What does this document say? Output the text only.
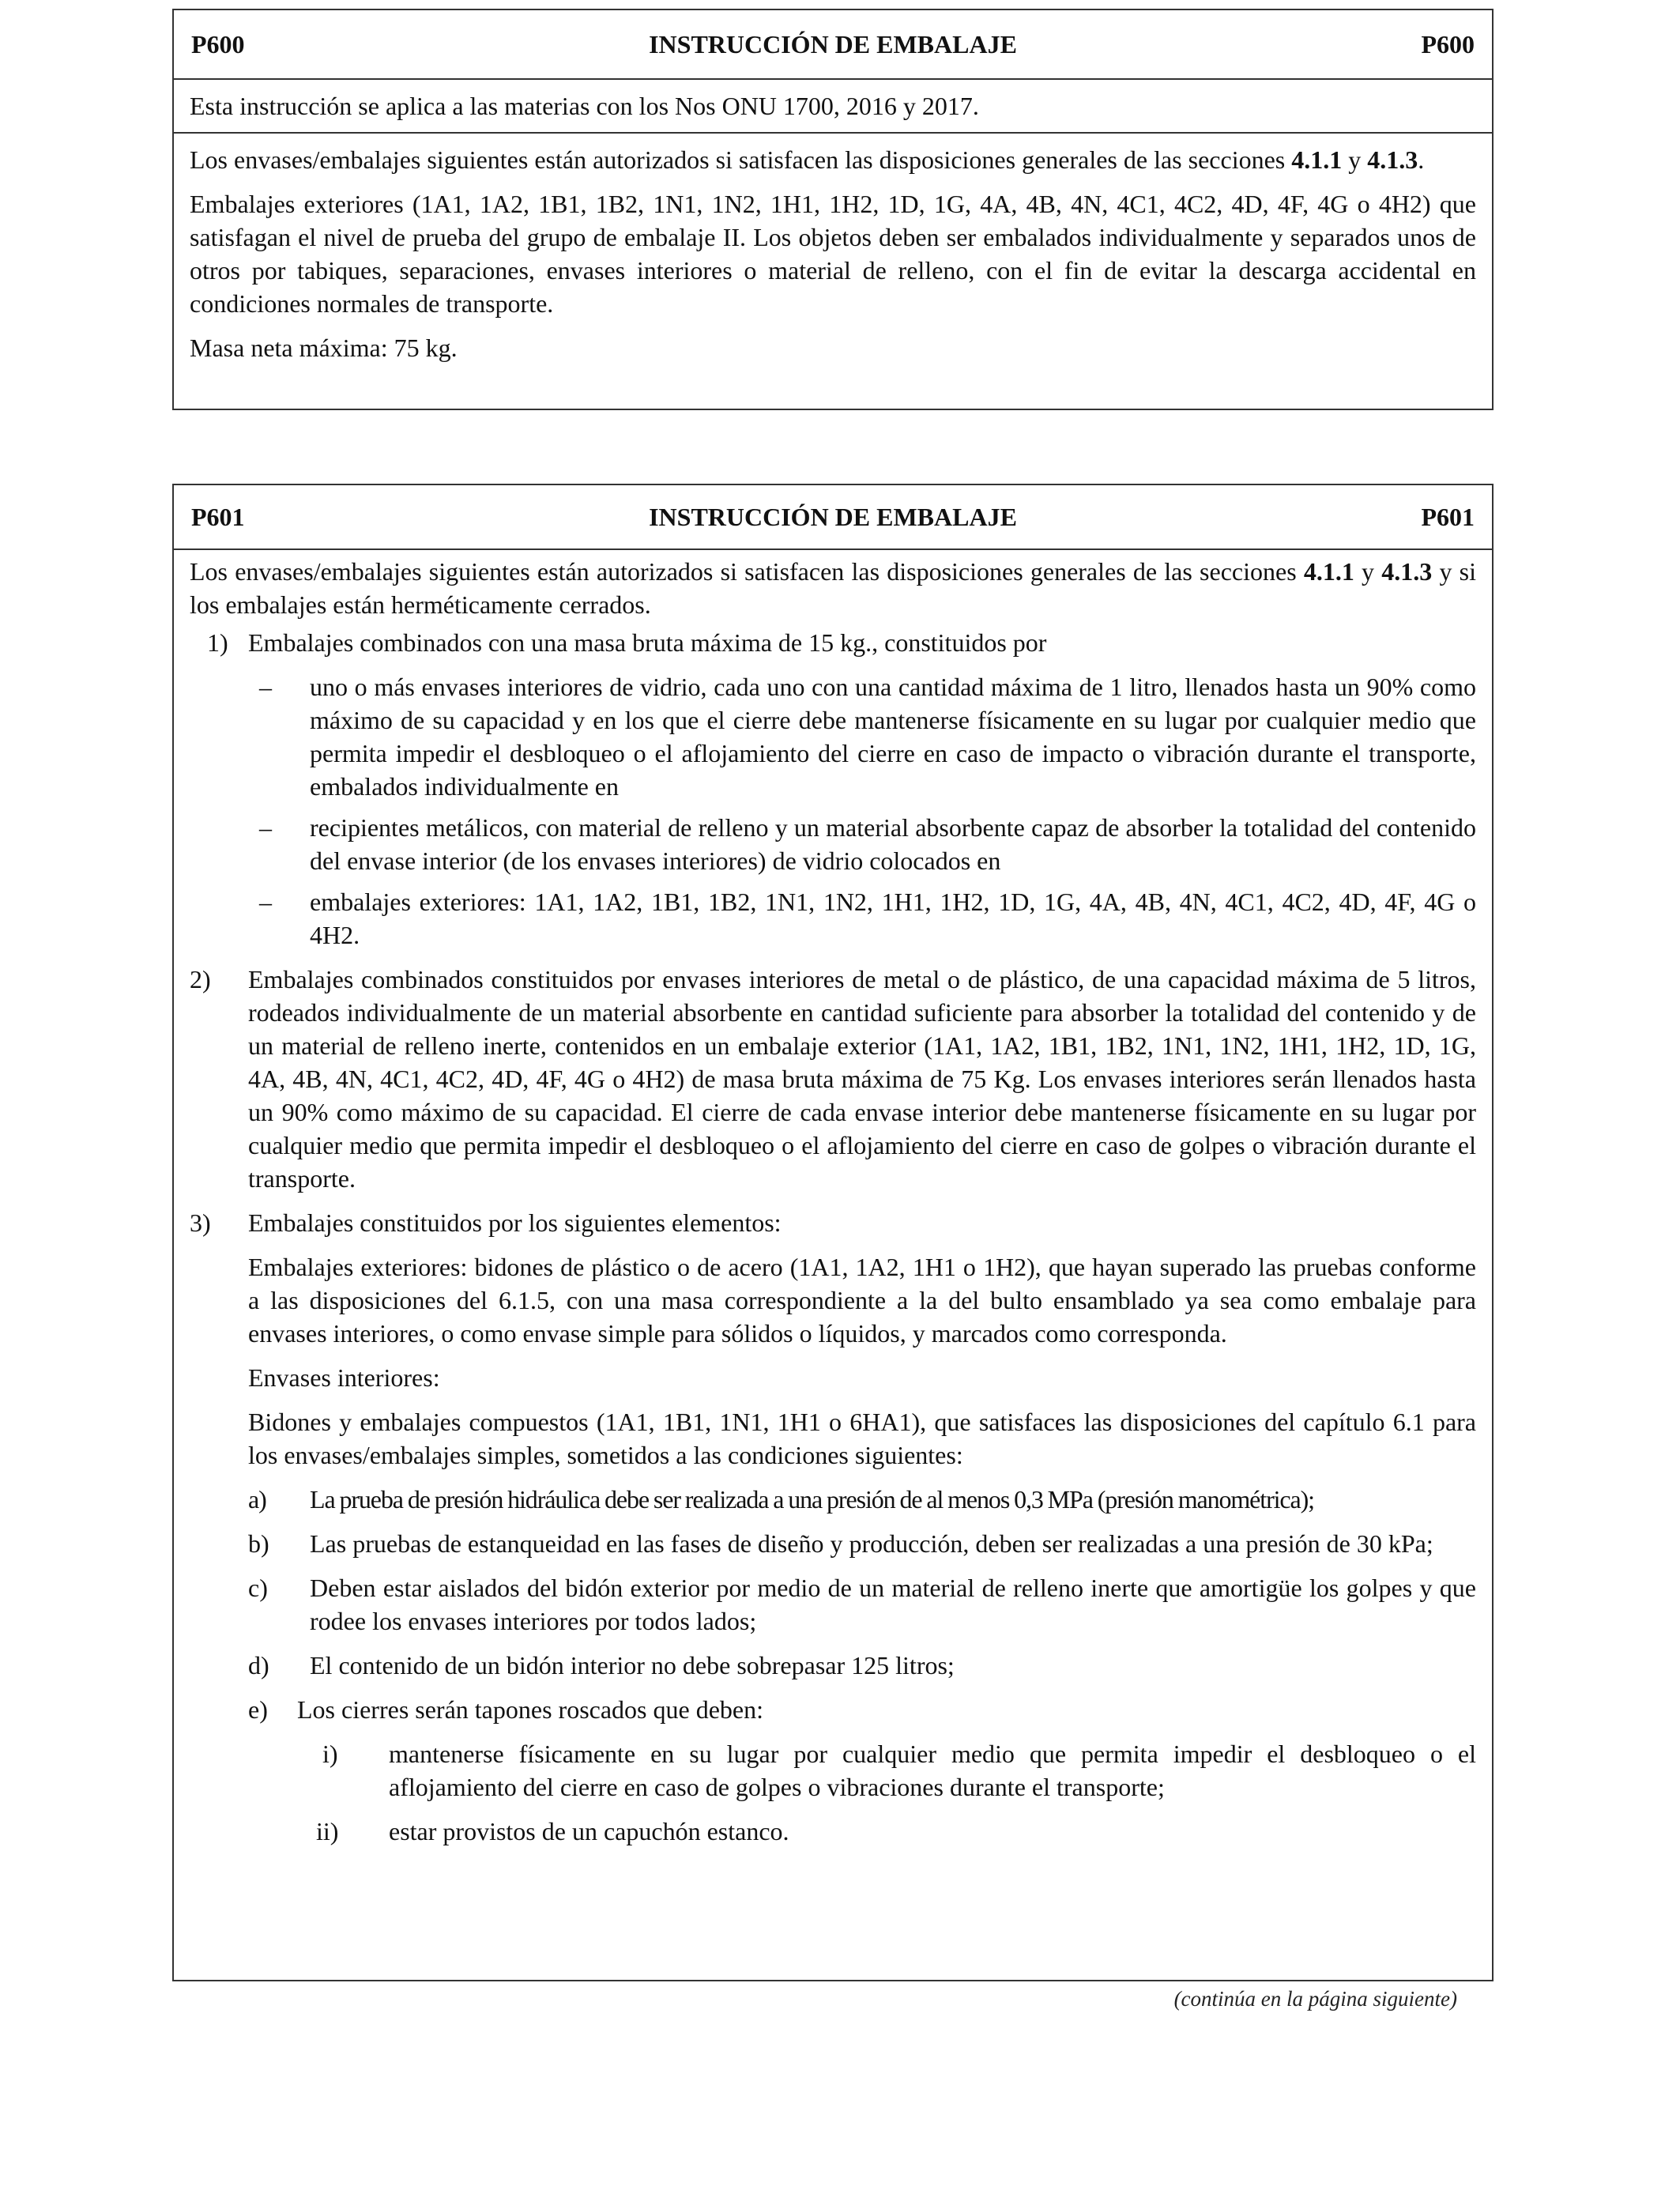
P600	INSTRUCCIÓN DE EMBALAJE	P600
Esta instrucción se aplica a las materias con los Nos ONU 1700, 2016 y 2017.

Los envases/embalajes siguientes están autorizados si satisfacen las disposiciones generales de las secciones 4.1.1 y 4.1.3.

Embalajes exteriores (1A1, 1A2, 1B1, 1B2, 1N1, 1N2, 1H1, 1H2, 1D, 1G, 4A, 4B, 4N, 4C1, 4C2, 4D, 4F, 4G o 4H2) que satisfagan el nivel de prueba del grupo de embalaje II. Los objetos deben ser embalados individualmente y separados unos de otros por tabiques, separaciones, envases interiores o material de relleno, con el fin de evitar la descarga accidental en condiciones normales de transporte.

Masa neta máxima: 75 kg.

P601	INSTRUCCIÓN DE EMBALAJE	P601

Los envases/embalajes siguientes están autorizados si satisfacen las disposiciones generales de las secciones 4.1.1 y 4.1.3 y si los embalajes están herméticamente cerrados.

1) Embalajes combinados con una masa bruta máxima de 15 kg., constituidos por
– uno o más envases interiores de vidrio, cada uno con una cantidad máxima de 1 litro, llenados hasta un 90% como máximo de su capacidad y en los que el cierre debe mantenerse físicamente en su lugar por cualquier medio que permita impedir el desbloqueo o el aflojamiento del cierre en caso de impacto o vibración durante el transporte, embalados individualmente en
– recipientes metálicos, con material de relleno y un material absorbente capaz de absorber la totalidad del contenido del envase interior (de los envases interiores) de vidrio colocados en
– embalajes exteriores: 1A1, 1A2, 1B1, 1B2, 1N1, 1N2, 1H1, 1H2, 1D, 1G, 4A, 4B, 4N, 4C1, 4C2, 4D, 4F, 4G o 4H2.
2) Embalajes combinados constituidos por envases interiores de metal o de plástico, de una capacidad máxima de 5 litros, rodeados individualmente de un material absorbente en cantidad suficiente para absorber la totalidad del contenido y de un material de relleno inerte, contenidos en un embalaje exterior (1A1, 1A2, 1B1, 1B2, 1N1, 1N2, 1H1, 1H2, 1D, 1G, 4A, 4B, 4N, 4C1, 4C2, 4D, 4F, 4G o 4H2) de masa bruta máxima de 75 Kg. Los envases interiores serán llenados hasta un 90% como máximo de su capacidad. El cierre de cada envase interior debe mantenerse físicamente en su lugar por cualquier medio que permita impedir el desbloqueo o el aflojamiento del cierre en caso de golpes o vibración durante el transporte.
3) Embalajes constituidos por los siguientes elementos:

Embalajes exteriores: bidones de plástico o de acero (1A1, 1A2, 1H1 o 1H2), que hayan superado las pruebas conforme a las disposiciones del 6.1.5, con una masa correspondiente a la del bulto ensamblado ya sea como embalaje para envases interiores, o como envase simple para sólidos o líquidos, y marcados como corresponda.

Envases interiores:

Bidones y embalajes compuestos (1A1, 1B1, 1N1, 1H1 o 6HA1), que satisfaces las disposiciones del capítulo 6.1 para los envases/embalajes simples, sometidos a las condiciones siguientes:

a) La prueba de presión hidráulica debe ser realizada a una presión de al menos 0,3 MPa (presión manométrica);
b) Las pruebas de estanqueidad en las fases de diseño y producción, deben ser realizadas a una presión de 30 kPa;
c) Deben estar aislados del bidón exterior por medio de un material de relleno inerte que amortigüe los golpes y que rodee los envases interiores por todos lados;
d) El contenido de un bidón interior no debe sobrepasar 125 litros;
e) Los cierres serán tapones roscados que deben:
i) mantenerse físicamente en su lugar por cualquier medio que permita impedir el desbloqueo o el aflojamiento del cierre en caso de golpes o vibraciones durante el transporte;
ii) estar provistos de un capuchón estanco.
(continúa en la página siguiente)
